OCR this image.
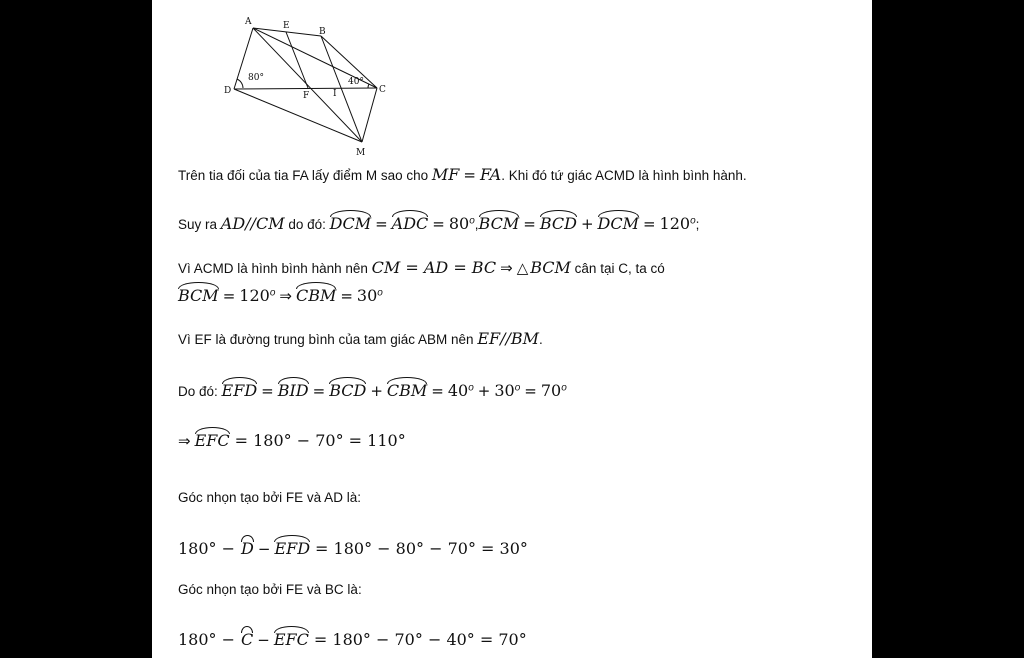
A	E
B
D	F	I	C
M
80°	40°
Trên tia đối của tia FA lấy điểm M sao cho MF = FA. Khi đó tứ giác ACMD là hình bình hành.
Suy ra AD//CM do đó: DCM = ADC = $80^o,BCM$ = BCD + DCM = $120^o$;
Vì ACMD là hình bình hành nên CM = AD = BC ⇒ △ BCM cân tại C, ta có
BCM = $120^o$ ⇒ CBM = $30^o$
Vì EF là đường trung bình của tam giác ABM nên EF//BM.
Do đó: EFD = BID = BCD + CBM = $40^o + 30^o = 70^o$
⇒ EFC = 180° − 70° = 110°
Góc nhọn tạo bởi FE và AD là:
180° − D − EFD = 180° − 80° − 70° = 30°
Góc nhọn tạo bởi FE và BC là:
180° − C − EFC = 180° − 70° − 40° = 70°
